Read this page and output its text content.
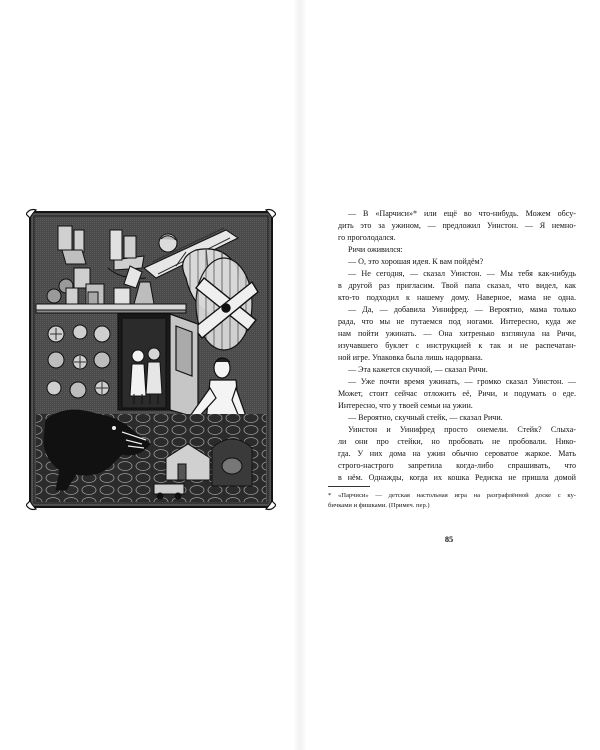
— В «Парчиси»* или ещё во что-нибудь. Можем обсу-
дить это за ужином, — предложил Уинстон. — Я немно-
го проголодался.
Ричи оживился:
— О, это хорошая идея. К вам пойдём?
— Не сегодня, — сказал Уинстон. — Мы тебя как-нибудь
в другой раз пригласим. Твой папа сказал, что видел, как
кто-то подходил к нашему дому. Наверное, мама не одна.
— Да, — добавила Уинифред. — Вероятно, мама только
рада, что мы не путаемся под ногами. Интересно, куда же
нам пойти ужинать. — Она хитренько взглянула на Ричи,
изучавшего буклет с инструкцией к так и не распечатан-
ной игре. Упаковка была лишь надорвана.
— Эта кажется скучной, — сказал Ричи.
— Уже почти время ужинать, — громко сказал Уинстон. —
Может, стоит сейчас отложить её, Ричи, и подумать о еде.
Интересно, что у твоей семьи на ужин.
— Вероятно, скучный стейк, — сказал Ричи.
Уинстон и Уинифред просто онемели. Стейк? Слыха-
ли они про стейки, но пробовать не пробовали. Нико-
гда. У них дома на ужин обычно сероватое жаркое. Мать
строго-настрого запретила когда-либо спрашивать, что
в нём. Однажды, когда их кошка Редиска не пришла домой
* «Парчиси» — детская настольная игра на разграфлённой доске с ку-
бичками и фишками. (Примеч. пер.)
85
